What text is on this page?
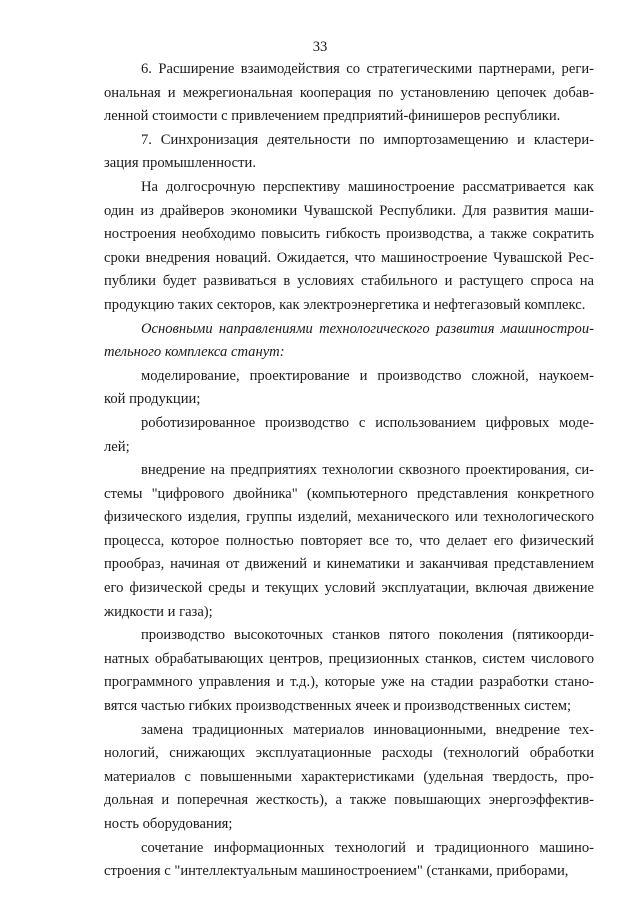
33

6. Расширение взаимодействия со стратегическими партнерами, реги-
ональная и межрегиональная кооперация по установлению цепочек добав-
ленной стоимости с привлечением предприятий-финишеров республики.

7. Синхронизация деятельности по импортозамещению и кластери-
зация промышленности.

На долгосрочную перспективу машиностроение рассматривается как
один из драйверов экономики Чувашской Республики. Для развития маши-
ностроения необходимо повысить гибкость производства, а также сократить
сроки внедрения новаций. Ожидается, что машиностроение Чувашской Рес-
публики будет развиваться в условиях стабильного и растущего спроса на
продукцию таких секторов, как электроэнергетика и нефтегазовый комплекс.

Основными направлениями технологического развития машинострои-
тельного комплекса станут:

моделирование, проектирование и производство сложной, наукоем-
кой продукции;

роботизированное производство с использованием цифровых моде-
лей;

внедрение на предприятиях технологии сквозного проектирования, си-
стемы "цифрового двойника" (компьютерного представления конкретного
физического изделия, группы изделий, механического или технологического
процесса, которое полностью повторяет все то, что делает его физический
прообраз, начиная от движений и кинематики и заканчивая представлением
его физической среды и текущих условий эксплуатации, включая движение
жидкости и газа);

производство высокоточных станков пятого поколения (пятикоорди-
натных обрабатывающих центров, прецизионных станков, систем числового
программного управления и т.д.), которые уже на стадии разработки стано-
вятся частью гибких производственных ячеек и производственных систем;

замена традиционных материалов инновационными, внедрение тех-
нологий, снижающих эксплуатационные расходы (технологий обработки
материалов с повышенными характеристиками (удельная твердость, про-
дольная и поперечная жесткость), а также повышающих энергоэффектив-
ность оборудования;

сочетание информационных технологий и традиционного машино-
строения с "интеллектуальным машиностроением" (станками, приборами,
